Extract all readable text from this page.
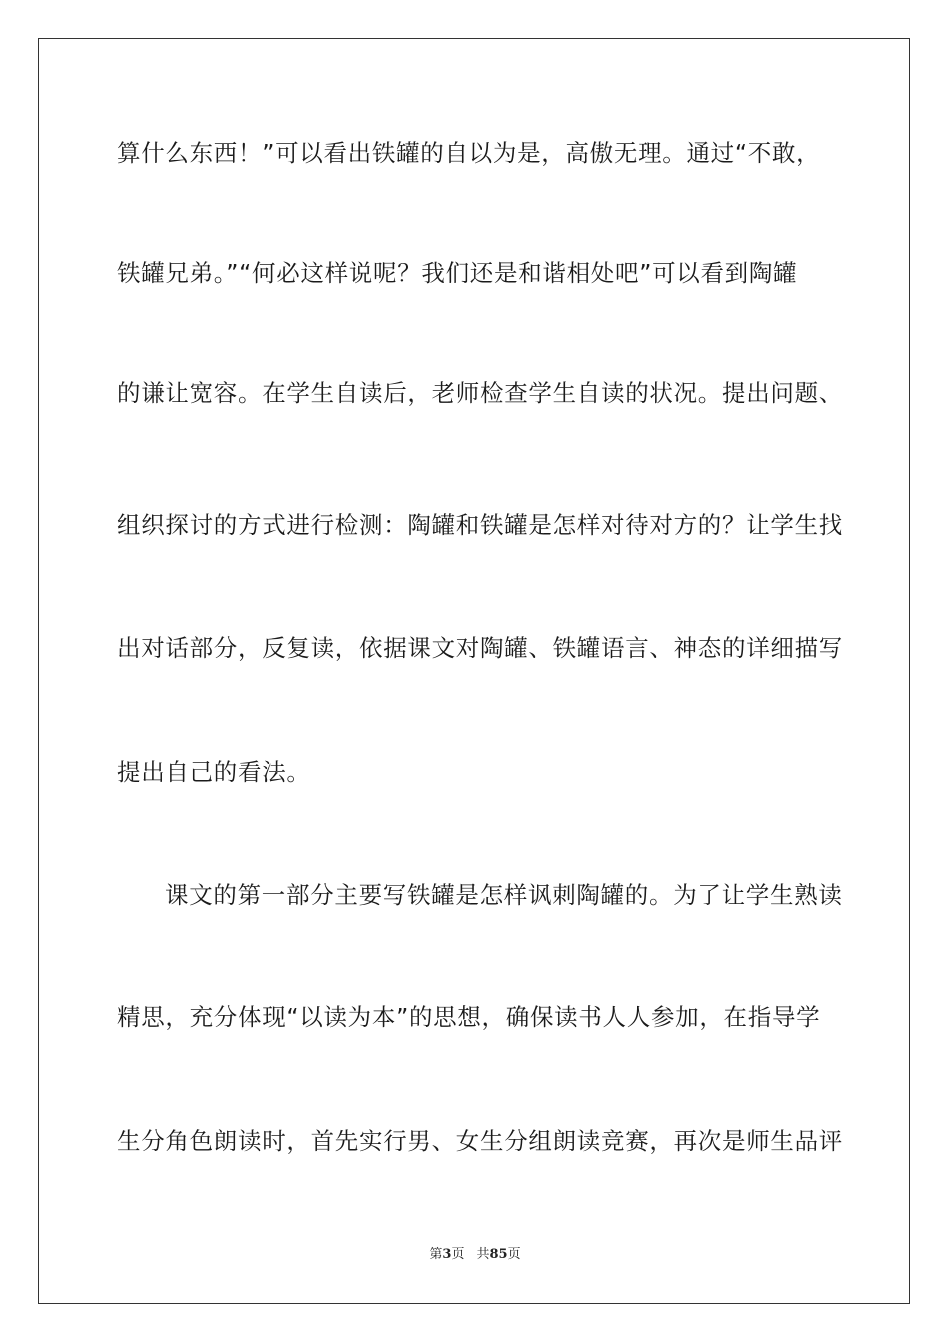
算什么东西！”可以看出铁罐的自以为是，高傲无理。通过“不敢，
铁罐兄弟。”“何必这样说呢？我们还是和谐相处吧”可以看到陶罐
的谦让宽容。在学生自读后，老师检查学生自读的状况。提出问题、
组织探讨的方式进行检测：陶罐和铁罐是怎样对待对方的？让学生找
出对话部分，反复读，依据课文对陶罐、铁罐语言、神态的详细描写
提出自己的看法。
课文的第一部分主要写铁罐是怎样讽刺陶罐的。为了让学生熟读
精思，充分体现“以读为本”的思想，确保读书人人参加，在指导学
生分角色朗读时，首先实行男、女生分组朗读竞赛，再次是师生品评
第3页 共85页
